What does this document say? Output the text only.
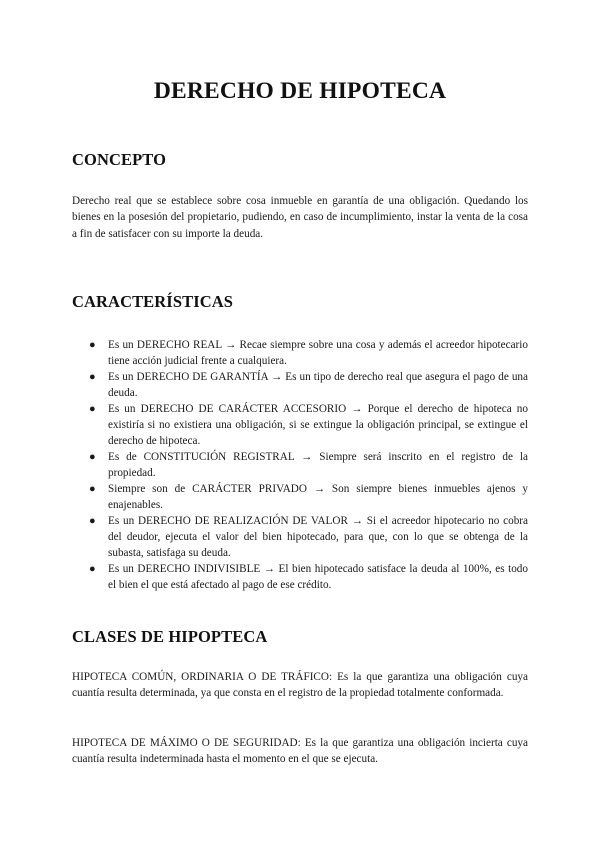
DERECHO DE HIPOTECA
CONCEPTO

Derecho real que se establece sobre cosa inmueble en garantía de una obligación. Quedando los bienes en la posesión del propietario, pudiendo, en caso de incumplimiento, instar la venta de la cosa a fin de satisfacer con su importe la deuda.

CARACTERÍSTICAS
● Es un DERECHO REAL → Recae siempre sobre una cosa y además el acreedor hipotecario tiene acción judicial frente a cualquiera.
● Es un DERECHO DE GARANTÍA → Es un tipo de derecho real que asegura el pago de una deuda.
● Es un DERECHO DE CARÁCTER ACCESORIO → Porque el derecho de hipoteca no existiría si no existiera una obligación, si se extingue la obligación principal, se extingue el derecho de hipoteca.
● Es de CONSTITUCIÓN REGISTRAL → Siempre será inscrito en el registro de la propiedad.
● Siempre son de CARÁCTER PRIVADO → Son siempre bienes inmuebles ajenos y enajenables.
● Es un DERECHO DE REALIZACIÓN DE VALOR → Si el acreedor hipotecario no cobra del deudor, ejecuta el valor del bien hipotecado, para que, con lo que se obtenga de la subasta, satisfaga su deuda.
● Es un DERECHO INDIVISIBLE → El bien hipotecado satisface la deuda al 100%, es todo el bien el que está afectado al pago de ese crédito.
CLASES DE HIPOPTECA

HIPOTECA COMÚN, ORDINARIA O DE TRÁFICO: Es la que garantiza una obligación cuya cuantía resulta determinada, ya que consta en el registro de la propiedad totalmente conformada.

HIPOTECA DE MÁXIMO O DE SEGURIDAD: Es la que garantiza una obligación incierta cuya cuantía resulta indeterminada hasta el momento en el que se ejecuta.
